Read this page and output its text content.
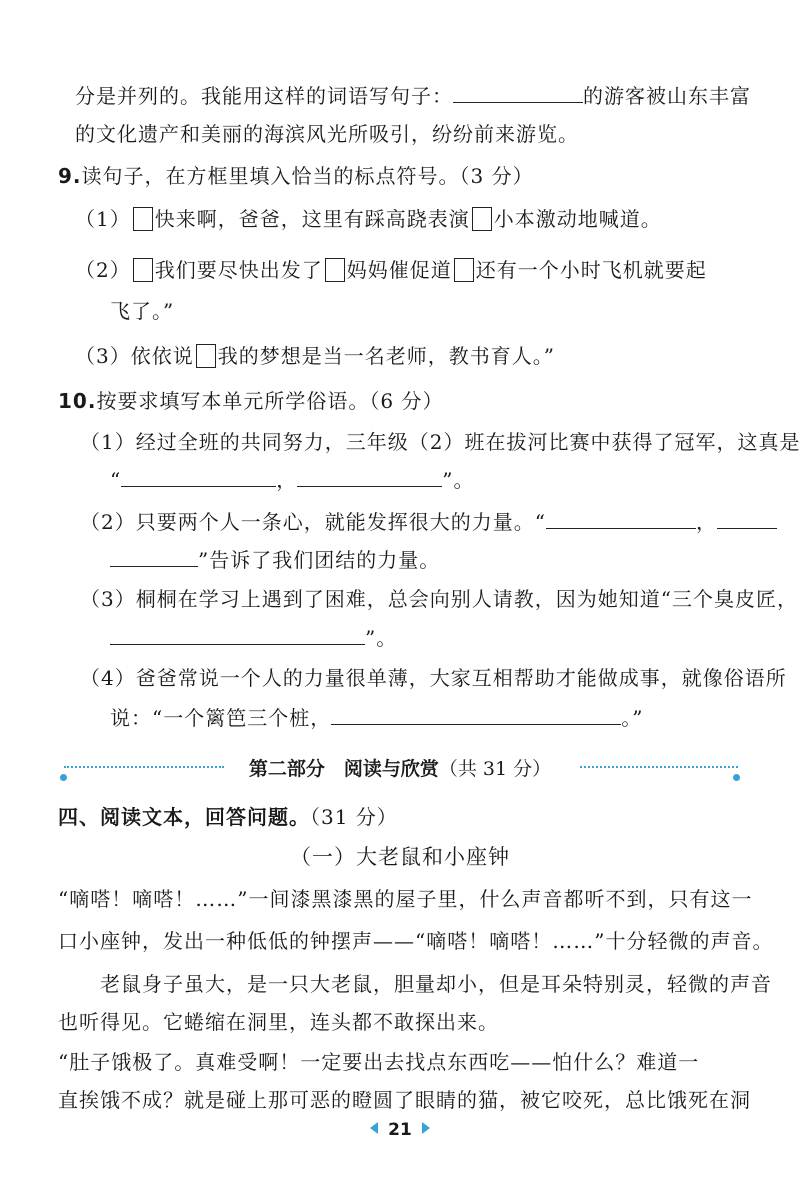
分是并列的。我能用这样的词语写句子：	的游客被山东丰富
的文化遗产和美丽的海滨风光所吸引，纷纷前来游览。
9.读句子，在方框里填入恰当的标点符号。（3 分）
（1） 快来啊，爸爸，这里有踩高跷表演 小本激动地喊道。
（2） 我们要尽快出发了 妈妈催促道 还有一个小时飞机就要起
飞了。”
（3）依依说 我的梦想是当一名老师，教书育人。”
10.按要求填写本单元所学俗语。（6 分）
（1）经过全班的共同努力，三年级（2）班在拔河比赛中获得了冠军，这真是
“	，	”。
（2）只要两个人一条心，就能发挥很大的力量。“	，
”告诉了我们团结的力量。
（3）桐桐在学习上遇到了困难，总会向别人请教，因为她知道“三个臭皮匠，
”。
（4）爸爸常说一个人的力量很单薄，大家互相帮助才能做成事，就像俗语所
说：“一个篱笆三个桩，	。”
第二部分　阅读与欣赏（共 31 分）
四、阅读文本，回答问题。（31 分）
（一）大老鼠和小座钟
“嘀嗒！嘀嗒！……”一间漆黑漆黑的屋子里，什么声音都听不到，只有这一
口小座钟，发出一种低低的钟摆声——“嘀嗒！嘀嗒！……”十分轻微的声音。
老鼠身子虽大，是一只大老鼠，胆量却小，但是耳朵特别灵，轻微的声音
也听得见。它蜷缩在洞里，连头都不敢探出来。
“肚子饿极了。真难受啊！一定要出去找点东西吃——怕什么？难道一
直挨饿不成？就是碰上那可恶的瞪圆了眼睛的猫，被它咬死，总比饿死在洞
21
